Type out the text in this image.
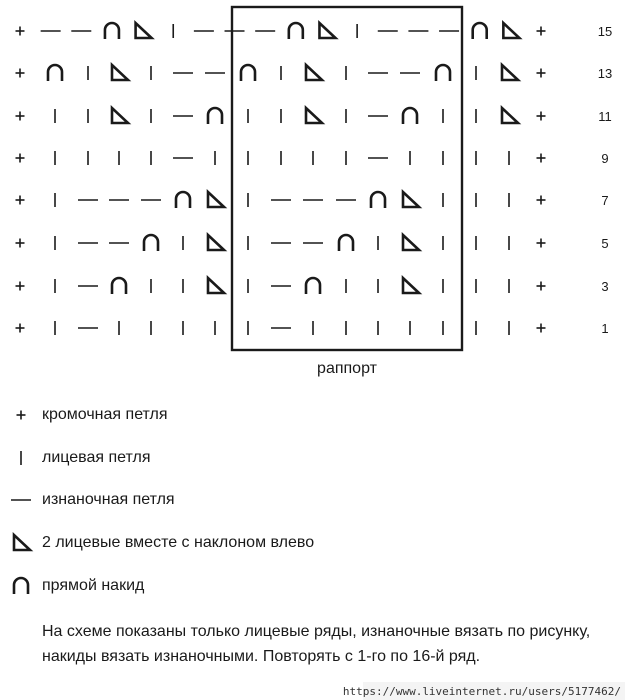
15
13
11
9
7
5
3
1
раппорт
кромочная петля
лицевая петля
изнаночная петля
2 лицевые вместе с наклоном влево
прямой накид
На схеме показаны только лицевые ряды, изнаночные вязать по рисунку, накиды вязать изнаночными. Повторять с 1-го по 16-й ряд.
https://www.liveinternet.ru/users/5177462/
